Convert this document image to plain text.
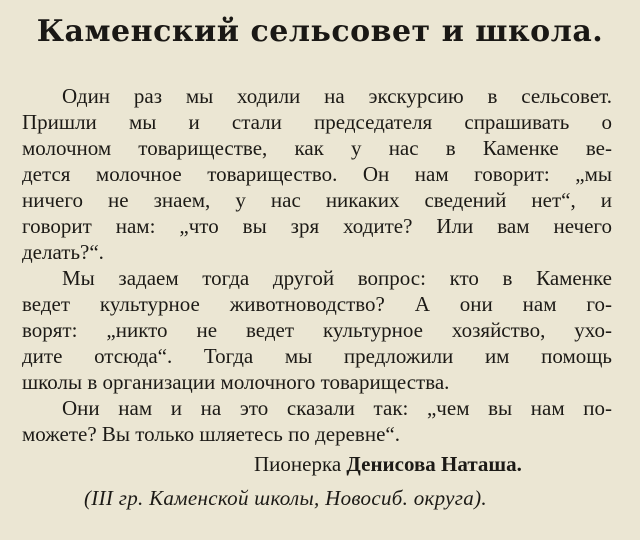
Каменский сельсовет и школа.

Один раз мы ходили на экскурсию в сельсовет.

Пришли мы и стали председателя спрашивать о

молочном товариществе, как у нас в Каменке ве-

дется молочное товарищество. Он нам говорит: „мы

ничего не знаем, у нас никаких сведений нет“, и

говорит нам: „что вы зря ходите? Или вам нечего

делать?“.

Мы задаем тогда другой вопрос: кто в Каменке

ведет культурное животноводство? А они нам го-

ворят: „никто не ведет культурное хозяйство, ухо-

дите отсюда“. Тогда мы предложили им помощь

школы в организации молочного товарищества.

Они нам и на это сказали так: „чем вы нам по-

можете? Вы только шляетесь по деревне“.

Пионерка Денисова Наташа.
(III гр. Каменской школы, Новосиб. округа).
